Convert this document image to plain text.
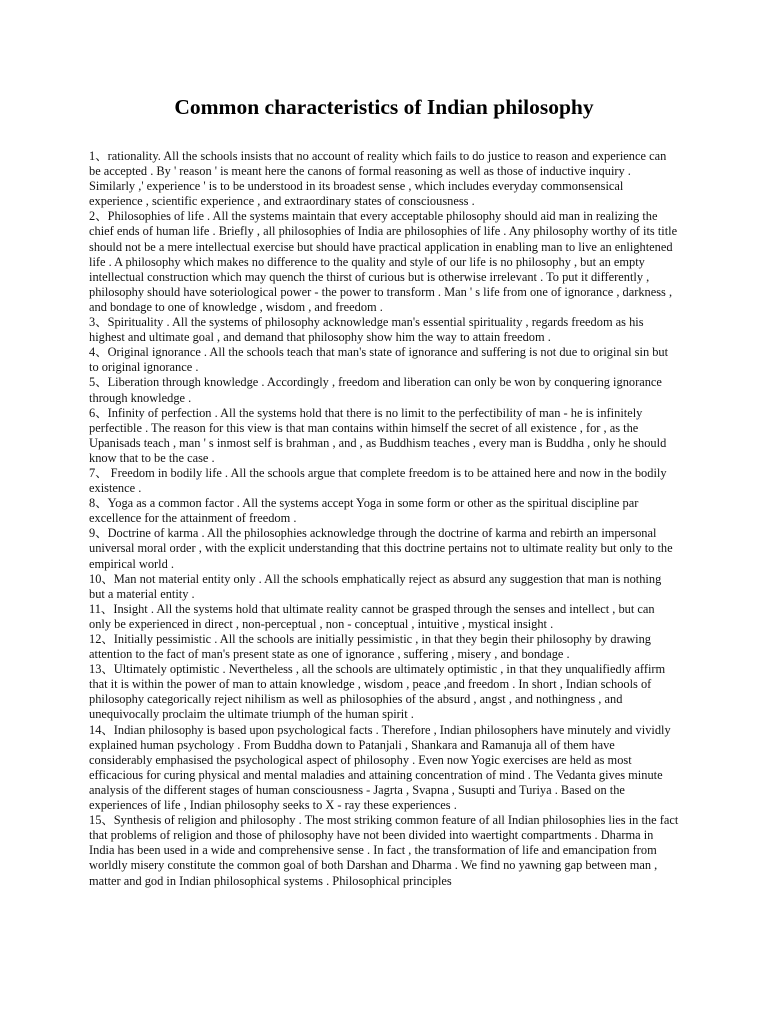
Common characteristics of Indian philosophy

1、rationality. All the schools insists that no account of reality which fails to do justice to reason and experience can be accepted . By ' reason ' is meant here the canons of formal reasoning as well as those of inductive inquiry . Similarly ,' experience ' is to be understood in its broadest sense , which includes everyday commonsensical experience , scientific experience , and extraordinary states of consciousness .

2、Philosophies of life . All the systems maintain that every acceptable philosophy should aid man in realizing the chief ends of human life . Briefly , all philosophies of India are philosophies of life . Any philosophy worthy of its title should not be a mere intellectual exercise but should have practical application in enabling man to live an enlightened life . A philosophy which makes no difference to the quality and style of our life is no philosophy , but an empty intellectual construction which may quench the thirst of curious but is otherwise irrelevant . To put it differently , philosophy should have soteriological power - the power to transform . Man ' s life from one of ignorance , darkness , and bondage to one of knowledge , wisdom , and freedom .

3、Spirituality . All the systems of philosophy acknowledge man's essential spirituality , regards freedom as his highest and ultimate goal , and demand that philosophy show him the way to attain freedom .

4、Original ignorance . All the schools teach that man's state of ignorance and suffering is not due to original sin but to original ignorance .

5、Liberation through knowledge . Accordingly , freedom and liberation can only be won by conquering ignorance through knowledge .

6、Infinity of perfection . All the systems hold that there is no limit to the perfectibility of man - he is infinitely perfectible . The reason for this view is that man contains within himself the secret of all existence , for , as the Upanisads teach , man ' s inmost self is brahman , and , as Buddhism teaches , every man is Buddha , only he should know that to be the case .

7、 Freedom in bodily life . All the schools argue that complete freedom is to be attained here and now in the bodily existence .

8、Yoga as a common factor . All the systems accept Yoga in some form or other as the spiritual discipline par excellence for the attainment of freedom .

9、Doctrine of karma . All the philosophies acknowledge through the doctrine of karma and rebirth an impersonal universal moral order , with the explicit understanding that this doctrine pertains not to ultimate reality but only to the empirical world .

10、Man not material entity only . All the schools emphatically reject as absurd any suggestion that man is nothing but a material entity .

11、Insight . All the systems hold that ultimate reality cannot be grasped through the senses and intellect , but can only be experienced in direct , non-perceptual , non - conceptual , intuitive , mystical insight .

12、Initially pessimistic . All the schools are initially pessimistic , in that they begin their philosophy by drawing attention to the fact of man's present state as one of ignorance , suffering , misery , and bondage .

13、Ultimately optimistic . Nevertheless , all the schools are ultimately optimistic , in that they unqualifiedly affirm that it is within the power of man to attain knowledge , wisdom , peace ,and freedom . In short , Indian schools of philosophy categorically reject nihilism as well as philosophies of the absurd , angst , and nothingness , and unequivocally proclaim the ultimate triumph of the human spirit .

14、Indian philosophy is based upon psychological facts . Therefore , Indian philosophers have minutely and vividly explained human psychology . From Buddha down to Patanjali , Shankara and Ramanuja all of them have considerably emphasised the psychological aspect of philosophy . Even now Yogic exercises are held as most efficacious for curing physical and mental maladies and attaining concentration of mind . The Vedanta gives minute analysis of the different stages of human consciousness - Jagrta , Svapna , Susupti and Turiya . Based on the experiences of life , Indian philosophy seeks to X - ray these experiences .

15、Synthesis of religion and philosophy . The most striking common feature of all Indian philosophies lies in the fact that problems of religion and those of philosophy have not been divided into waertight compartments . Dharma in India has been used in a wide and comprehensive sense . In fact , the transformation of life and emancipation from worldly misery constitute the common goal of both Darshan and Dharma . We find no yawning gap between man , matter and god in Indian philosophical systems . Philosophical principles
